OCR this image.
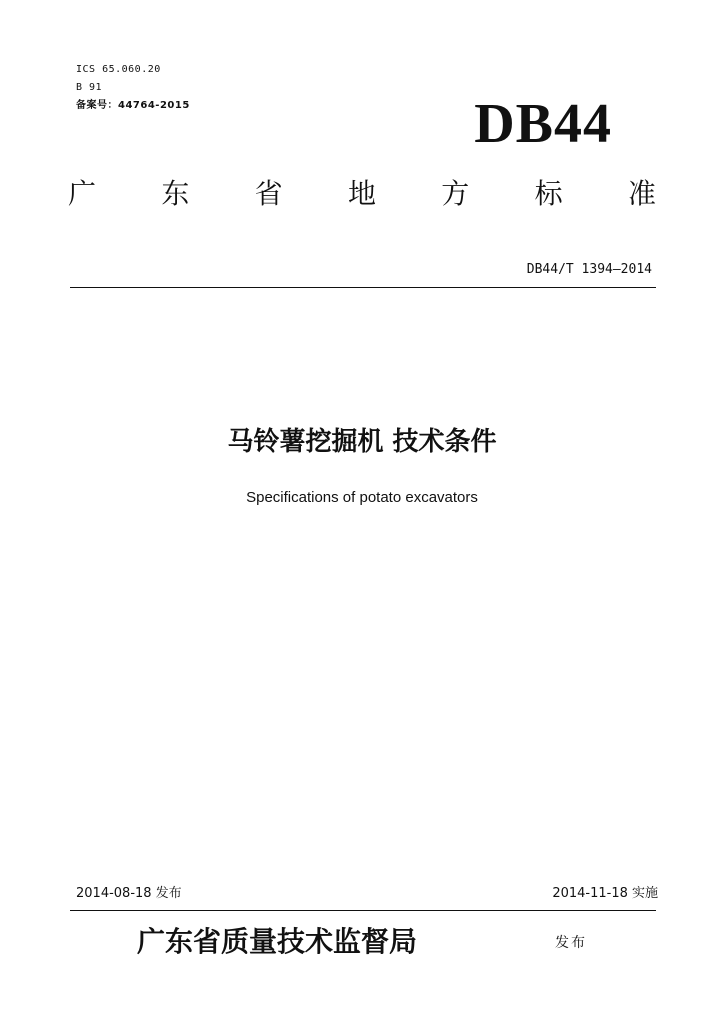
ICS 65.060.20
B 91
备案号：44764-2015	DB44
广 东 省 地 方 标 准
DB44/T 1394—2014
马铃薯挖掘机 技术条件
Specifications of potato excavators
2014-08-18 发布	2014-11-18 实施
广东省质量技术监督局	发布
